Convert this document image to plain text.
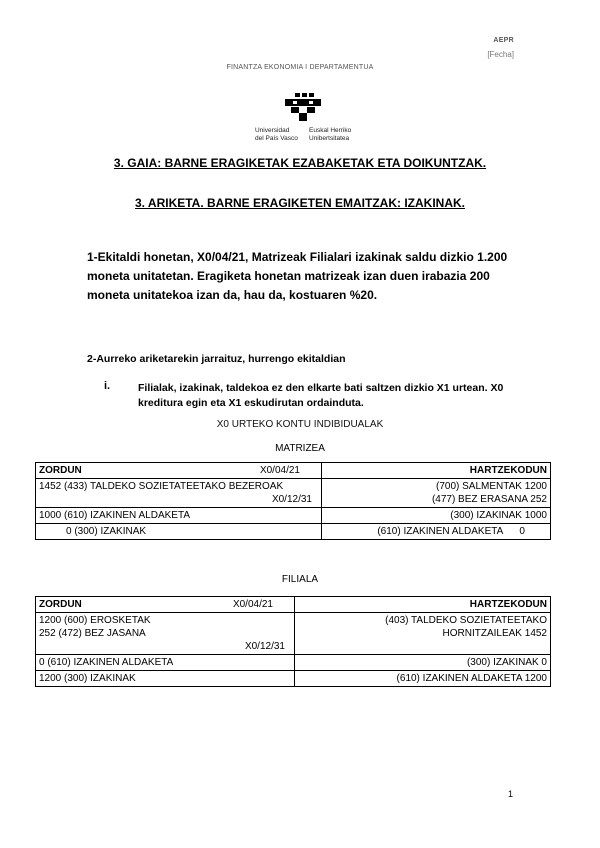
AEPR
[Fecha]
FINANTZA EKONOMIA I DEPARTAMENTUA
Universidad
del País Vasco
Euskal Herriko
Unibertsitatea
3. GAIA: BARNE ERAGIKETAK EZABAKETAK ETA DOIKUNTZAK.
3. ARIKETA. BARNE ERAGIKETEN EMAITZAK: IZAKINAK.
1-Ekitaldi honetan, X0/04/21, Matrizeak Filialari izakinak saldu dizkio 1.200 moneta unitatetan. Eragiketa honetan matrizeak izan duen irabazia 200 moneta unitatekoa izan da, hau da, kostuaren %20.
2-Aurreko ariketarekin jarraituz, hurrengo ekitaldian
i.	Filialak, izakinak, taldekoa ez den elkarte bati saltzen dizkio X1 urtean. X0 kreditura egin eta X1 eskudirutan ordainduta.
X0 URTEKO KONTU INDIBIDUALAK
MATRIZEA
ZORDUN X0/04/21	HARTZEKODUN
1452 (433) TALDEKO SOZIETATEETAKO BEZEROAK
X0/12/31	(700) SALMENTAK 1200
(477) BEZ ERASANA 252
1000 (610) IZAKINEN ALDAKETA	(300) IZAKINAK 1000
0 (300) IZAKINAK	(610) IZAKINEN ALDAKETA      0
FILIALA
ZORDUN X0/04/21	HARTZEKODUN
1200 (600) EROSKETAK
252 (472) BEZ JASANA
X0/12/31	(403) TALDEKO SOZIETATEETAKO
HORNITZAILEAK 1452
0 (610) IZAKINEN ALDAKETA	(300) IZAKINAK 0
1200 (300) IZAKINAK	(610) IZAKINEN ALDAKETA 1200
1
